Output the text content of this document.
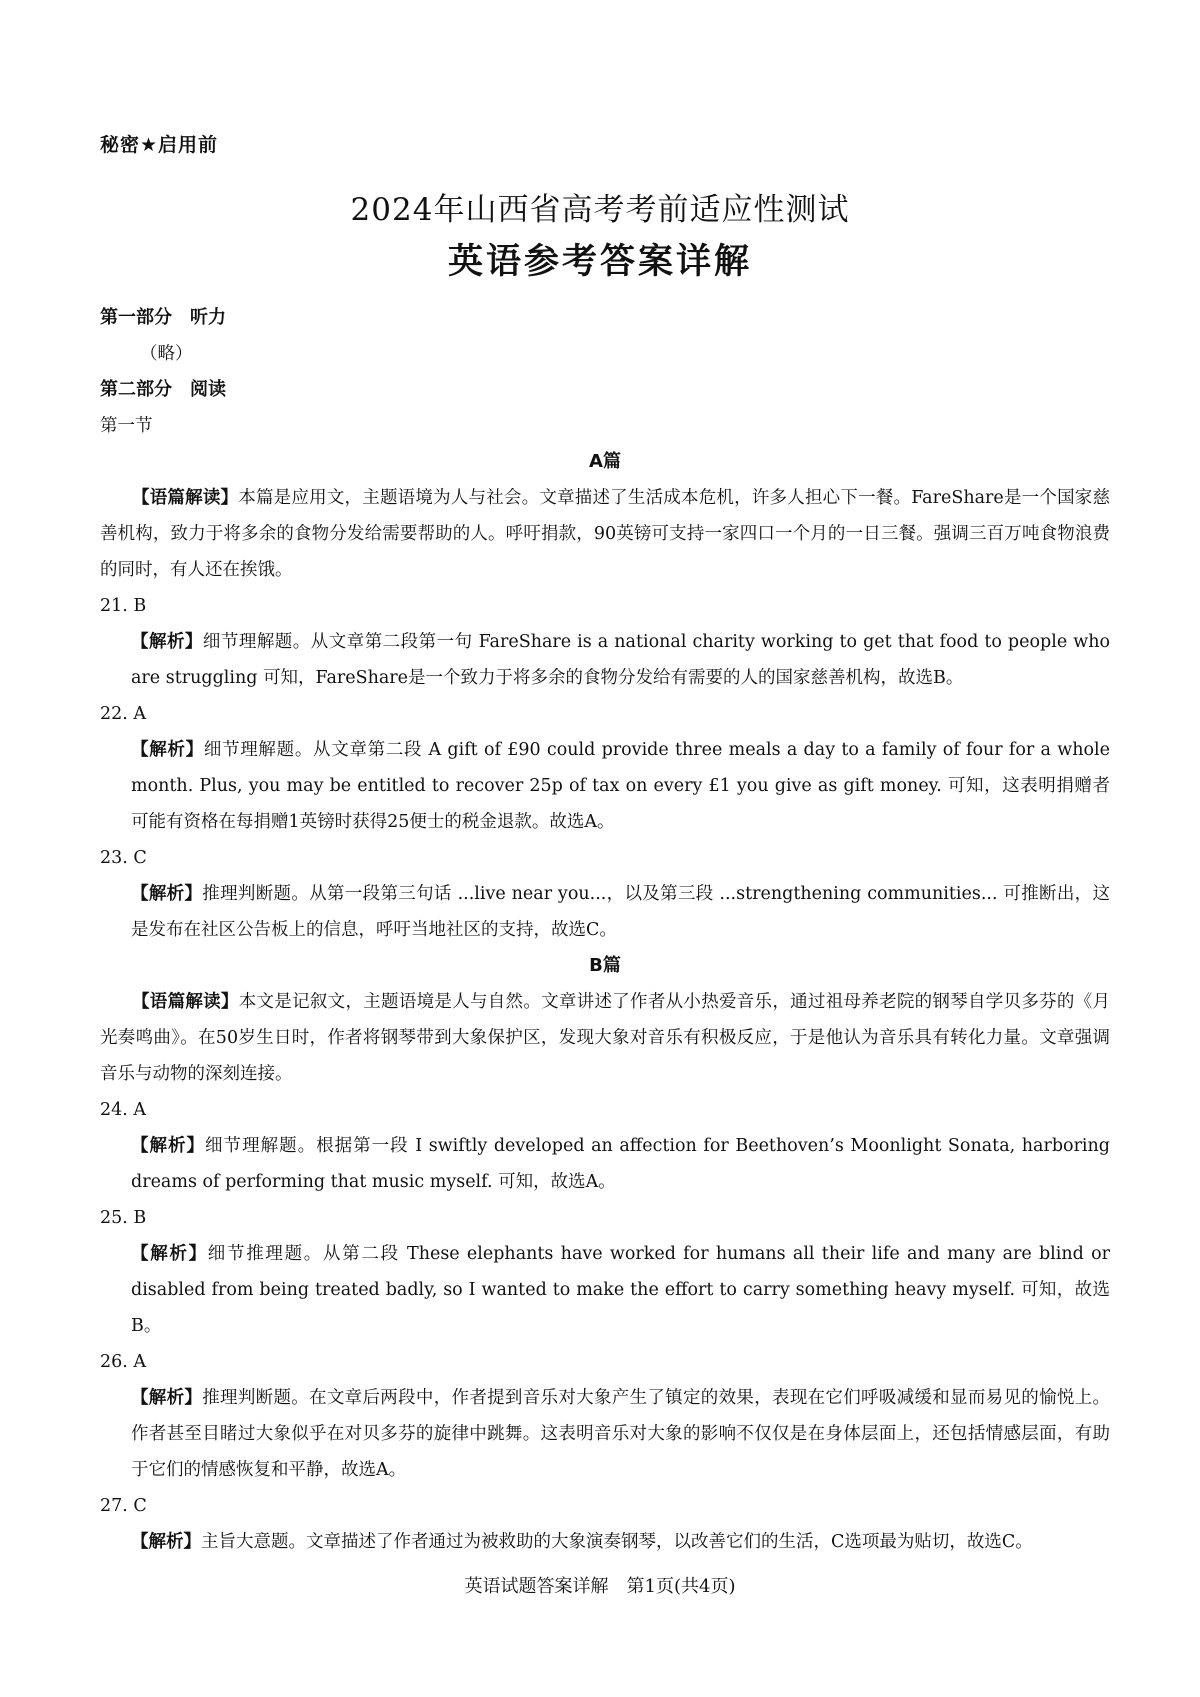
秘密★启用前
2024年山西省高考考前适应性测试
英语参考答案详解
第一部分　听力
（略）
第二部分　阅读
第一节
A篇
【语篇解读】本篇是应用文，主题语境为人与社会。文章描述了生活成本危机，许多人担心下一餐。FareShare是一个国家慈善机构，致力于将多余的食物分发给需要帮助的人。呼吁捐款，90英镑可支持一家四口一个月的一日三餐。强调三百万吨食物浪费的同时，有人还在挨饿。
21. B
【解析】细节理解题。从文章第二段第一句 FareShare is a national charity working to get that food to people who are struggling 可知，FareShare是一个致力于将多余的食物分发给有需要的人的国家慈善机构，故选B。
22. A
【解析】细节理解题。从文章第二段 A gift of £90 could provide three meals a day to a family of four for a whole month. Plus, you may be entitled to recover 25p of tax on every £1 you give as gift money. 可知，这表明捐赠者可能有资格在每捐赠1英镑时获得25便士的税金退款。故选A。
23. C
【解析】推理判断题。从第一段第三句话 ...live near you...，以及第三段 ...strengthening communities... 可推断出，这是发布在社区公告板上的信息，呼吁当地社区的支持，故选C。
B篇
【语篇解读】本文是记叙文，主题语境是人与自然。文章讲述了作者从小热爱音乐，通过祖母养老院的钢琴自学贝多芬的《月光奏鸣曲》。在50岁生日时，作者将钢琴带到大象保护区，发现大象对音乐有积极反应，于是他认为音乐具有转化力量。文章强调音乐与动物的深刻连接。
24. A
【解析】细节理解题。根据第一段 I swiftly developed an affection for Beethoven’s Moonlight Sonata, harboring dreams of performing that music myself. 可知，故选A。
25. B
【解析】细节推理题。从第二段 These elephants have worked for humans all their life and many are blind or disabled from being treated badly, so I wanted to make the effort to carry something heavy myself. 可知，故选B。
26. A
【解析】推理判断题。在文章后两段中，作者提到音乐对大象产生了镇定的效果，表现在它们呼吸减缓和显而易见的愉悦上。作者甚至目睹过大象似乎在对贝多芬的旋律中跳舞。这表明音乐对大象的影响不仅仅是在身体层面上，还包括情感层面，有助于它们的情感恢复和平静，故选A。
27. C
【解析】主旨大意题。文章描述了作者通过为被救助的大象演奏钢琴，以改善它们的生活，C选项最为贴切，故选C。
英语试题答案详解　第1页(共4页)
